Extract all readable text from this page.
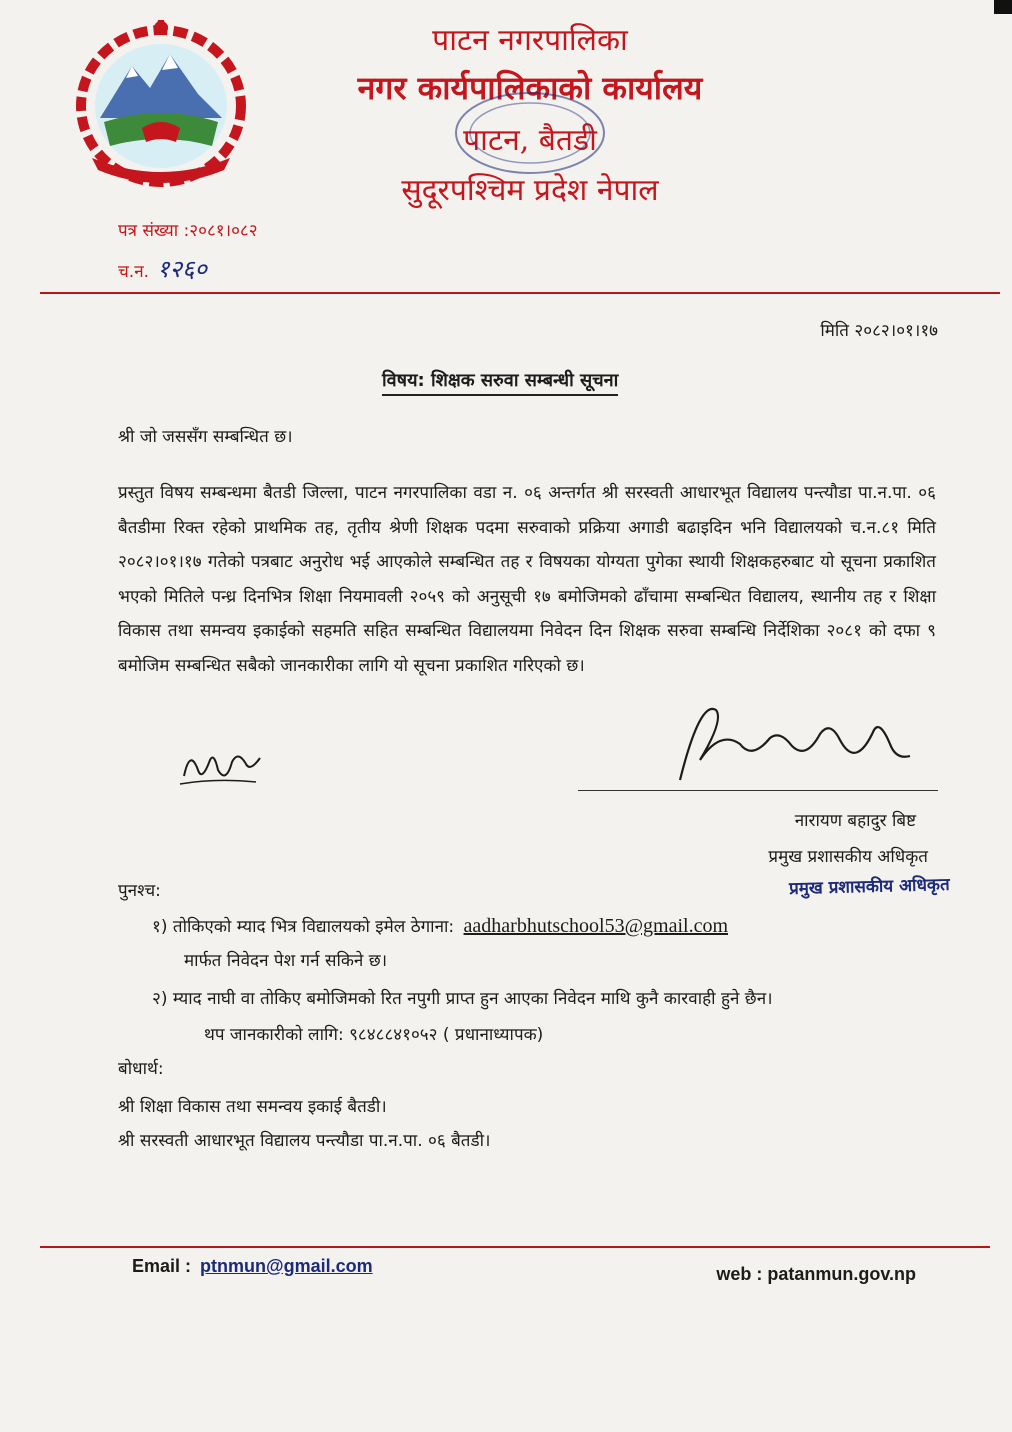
पाटन नगरपालिका
नगर कार्यपालिकाको कार्यालय
पाटन, बैतडी
सुदूरपश्चिम प्रदेश नेपाल
पत्र संख्या :२०८१।०८२
च.न. १२६०
मिति २०८२।०१।१७
विषय: शिक्षक सरुवा सम्बन्धी सूचना
श्री जो जससँग सम्बन्धित छ।
प्रस्तुत विषय सम्बन्धमा बैतडी जिल्ला, पाटन नगरपालिका वडा न. ०६ अन्तर्गत श्री सरस्वती आधारभूत विद्यालय पन्त्यौडा पा.न.पा. ०६ बैतडीमा रिक्त रहेको प्राथमिक तह, तृतीय श्रेणी शिक्षक पदमा सरुवाको प्रक्रिया अगाडी बढाइदिन भनि विद्यालयको च.न.८१ मिति २०८२।०१।१७ गतेको पत्रबाट अनुरोध भई आएकोले सम्बन्धित तह र विषयका योग्यता पुगेका स्थायी शिक्षकहरुबाट यो सूचना प्रकाशित भएको मितिले पन्ध्र दिनभित्र शिक्षा नियमावली २०५९ को अनुसूची १७ बमोजिमको ढाँचामा सम्बन्धित विद्यालय, स्थानीय तह र शिक्षा विकास तथा समन्वय इकाईको सहमति सहित सम्बन्धित विद्यालयमा निवेदन दिन शिक्षक सरुवा सम्बन्धि निर्देशिका २०८१ को दफा ९ बमोजिम सम्बन्धित सबैको जानकारीका लागि यो सूचना प्रकाशित गरिएको छ।
नारायण बहादुर बिष्ट
प्रमुख प्रशासकीय अधिकृत
प्रमुख प्रशासकीय अधिकृत
पुनश्च:
१) तोकिएको म्याद भित्र विद्यालयको इमेल ठेगाना: aadharbhutschool53@gmail.com
मार्फत निवेदन पेश गर्न सकिने छ।
२) म्याद नाघी वा तोकिए बमोजिमको रित नपुगी प्राप्त हुन आएका निवेदन माथि कुनै कारवाही हुने छैन।
थप जानकारीको लागि: ९८४८८४१०५२ ( प्रधानाध्यापक)
बोधार्थ:
श्री शिक्षा विकास तथा समन्वय इकाई बैतडी।
श्री सरस्वती आधारभूत विद्यालय पन्त्यौडा पा.न.पा. ०६ बैतडी।
Email : ptnmun@gmail.com	web : patanmun.gov.np
